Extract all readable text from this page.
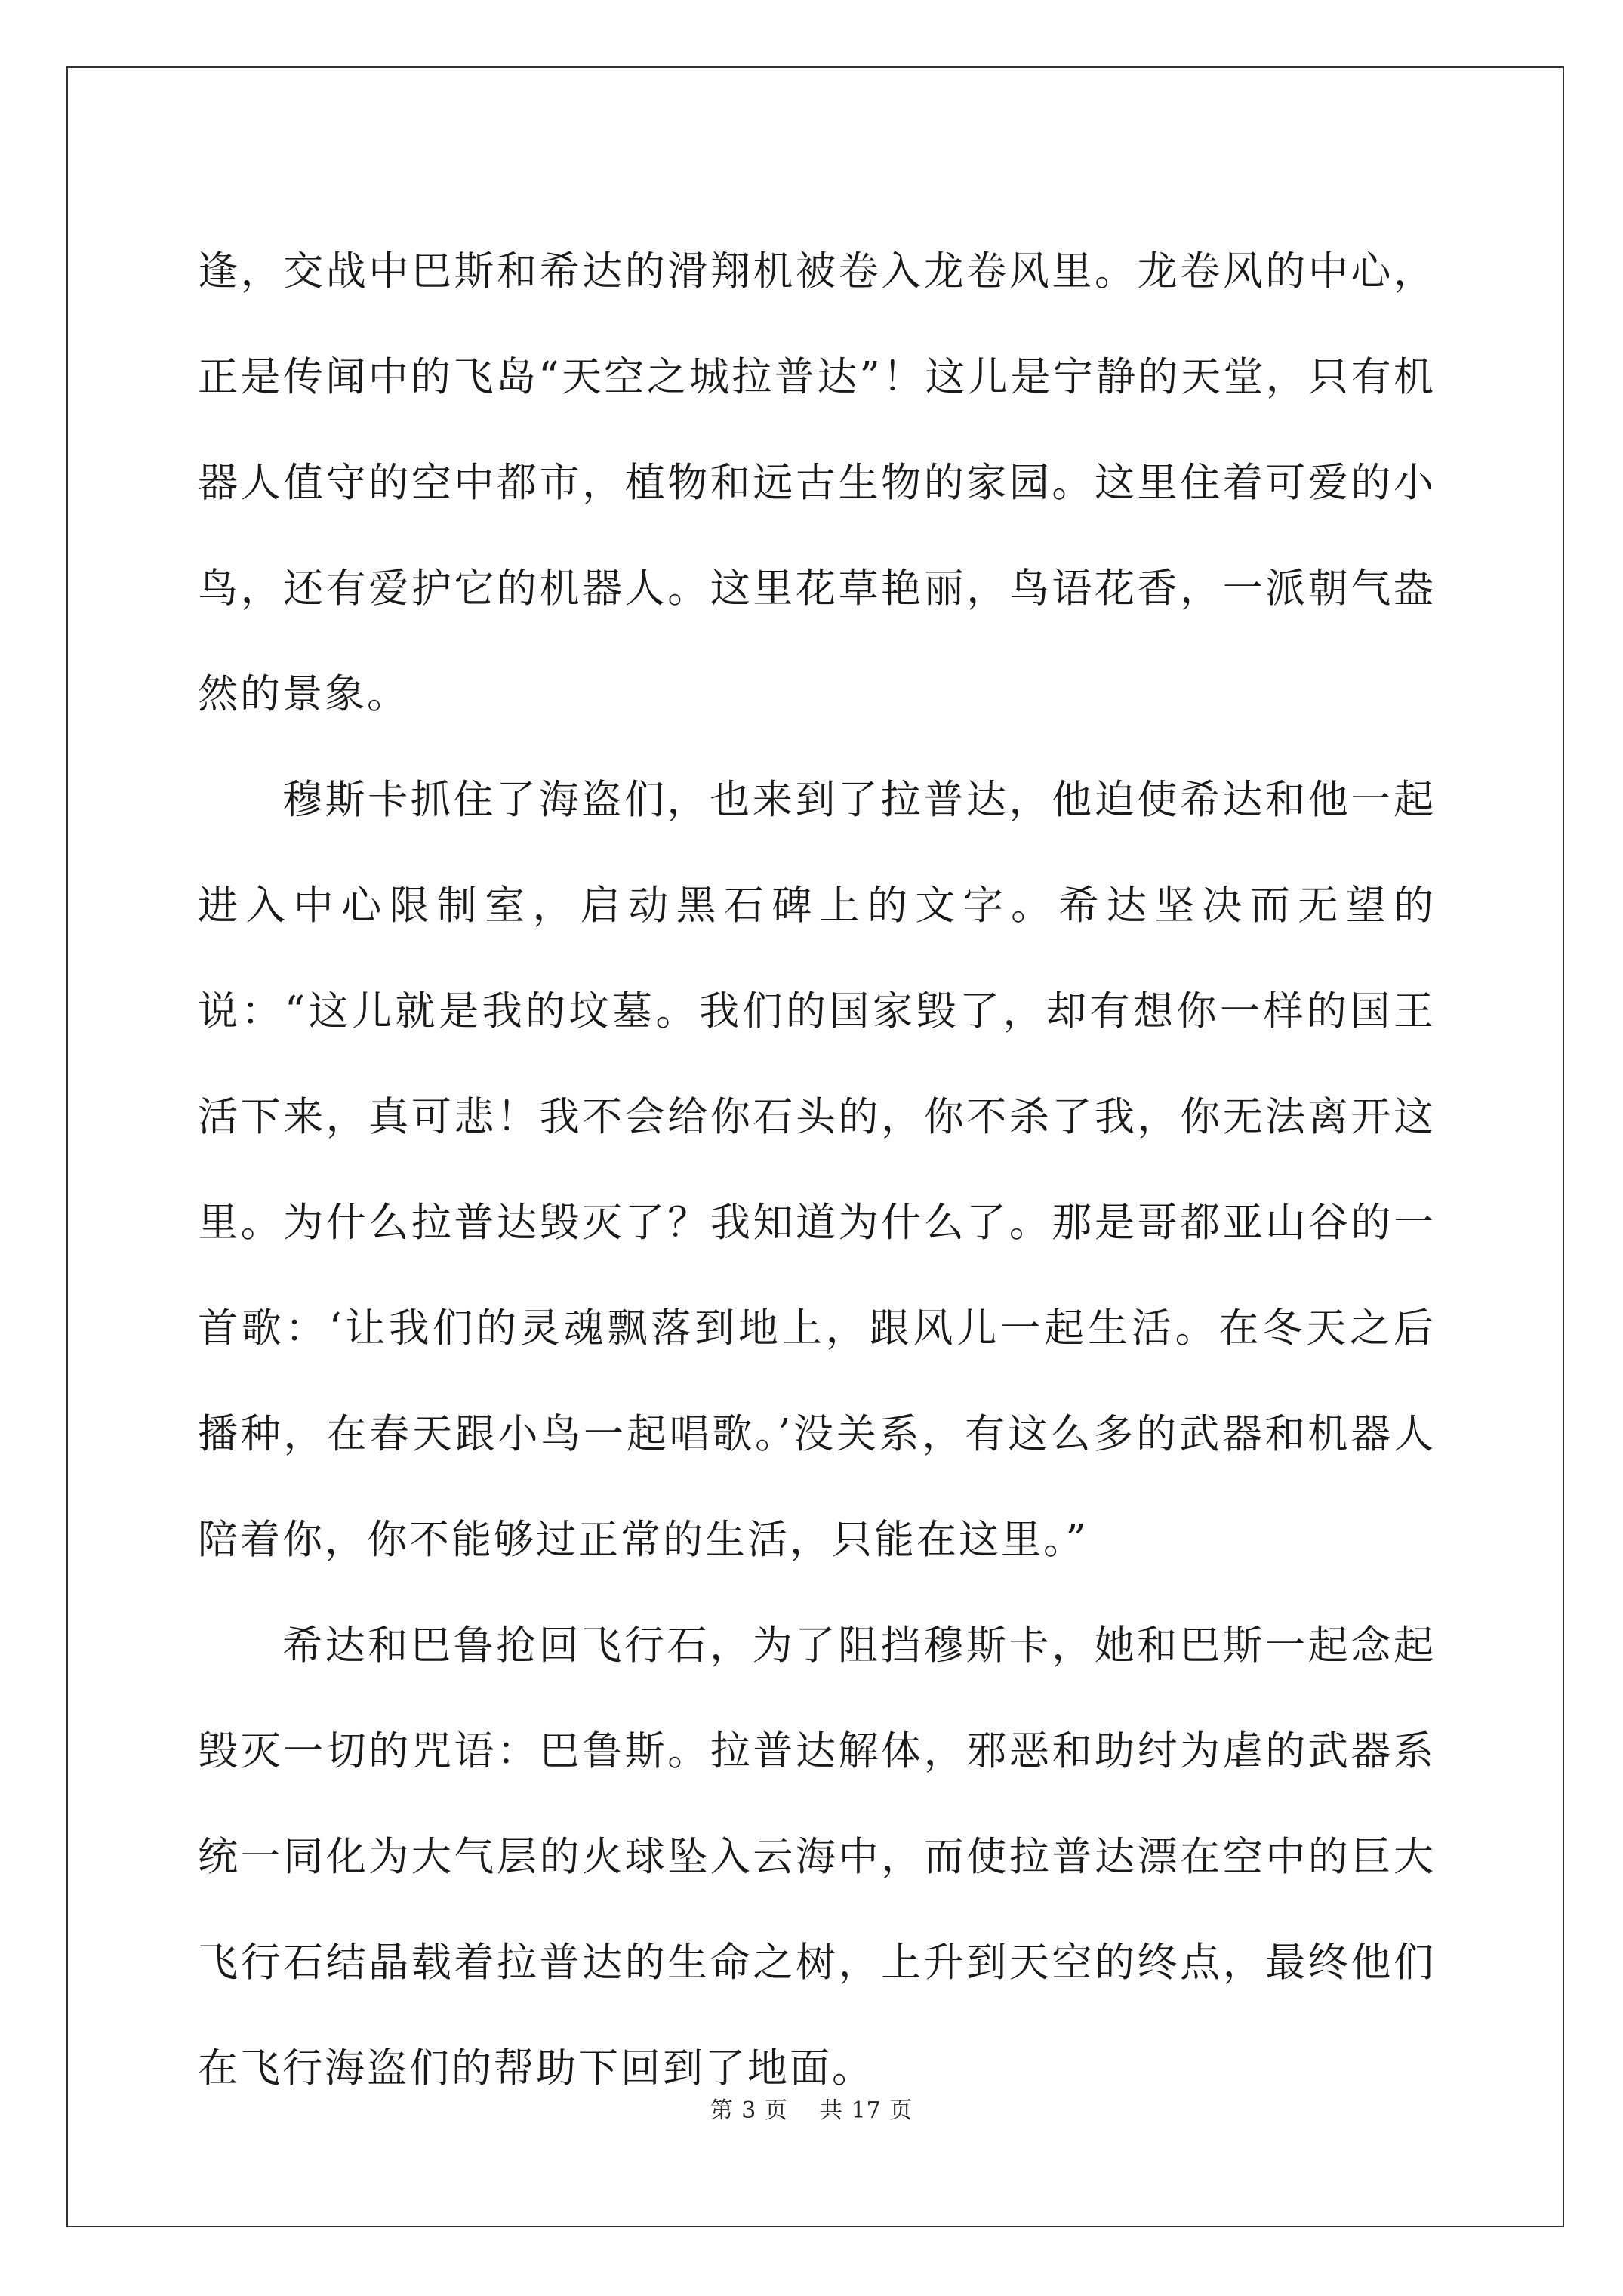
逢，交战中巴斯和希达的滑翔机被卷入龙卷风里。龙卷风的中心，正是传闻中的飞岛“天空之城拉普达”！这儿是宁静的天堂，只有机器人值守的空中都市，植物和远古生物的家园。这里住着可爱的小鸟，还有爱护它的机器人。这里花草艳丽，鸟语花香，一派朝气盎然的景象。

穆斯卡抓住了海盗们，也来到了拉普达，他迫使希达和他一起进入中心限制室，启动黑石碑上的文字。希达坚决而无望的说：“这儿就是我的坟墓。我们的国家毁了，却有想你一样的国王活下来，真可悲！我不会给你石头的，你不杀了我，你无法离开这里。为什么拉普达毁灭了？我知道为什么了。那是哥都亚山谷的一首歌：‘让我们的灵魂飘落到地上，跟风儿一起生活。在冬天之后播种，在春天跟小鸟一起唱歌。’没关系，有这么多的武器和机器人陪着你，你不能够过正常的生活，只能在这里。”

希达和巴鲁抢回飞行石，为了阻挡穆斯卡，她和巴斯一起念起毁灭一切的咒语：巴鲁斯。拉普达解体，邪恶和助纣为虐的武器系统一同化为大气层的火球坠入云海中，而使拉普达漂在空中的巨大飞行石结晶载着拉普达的生命之树，上升到天空的终点，最终他们在飞行海盗们的帮助下回到了地面。

第 3 页 共 17 页
